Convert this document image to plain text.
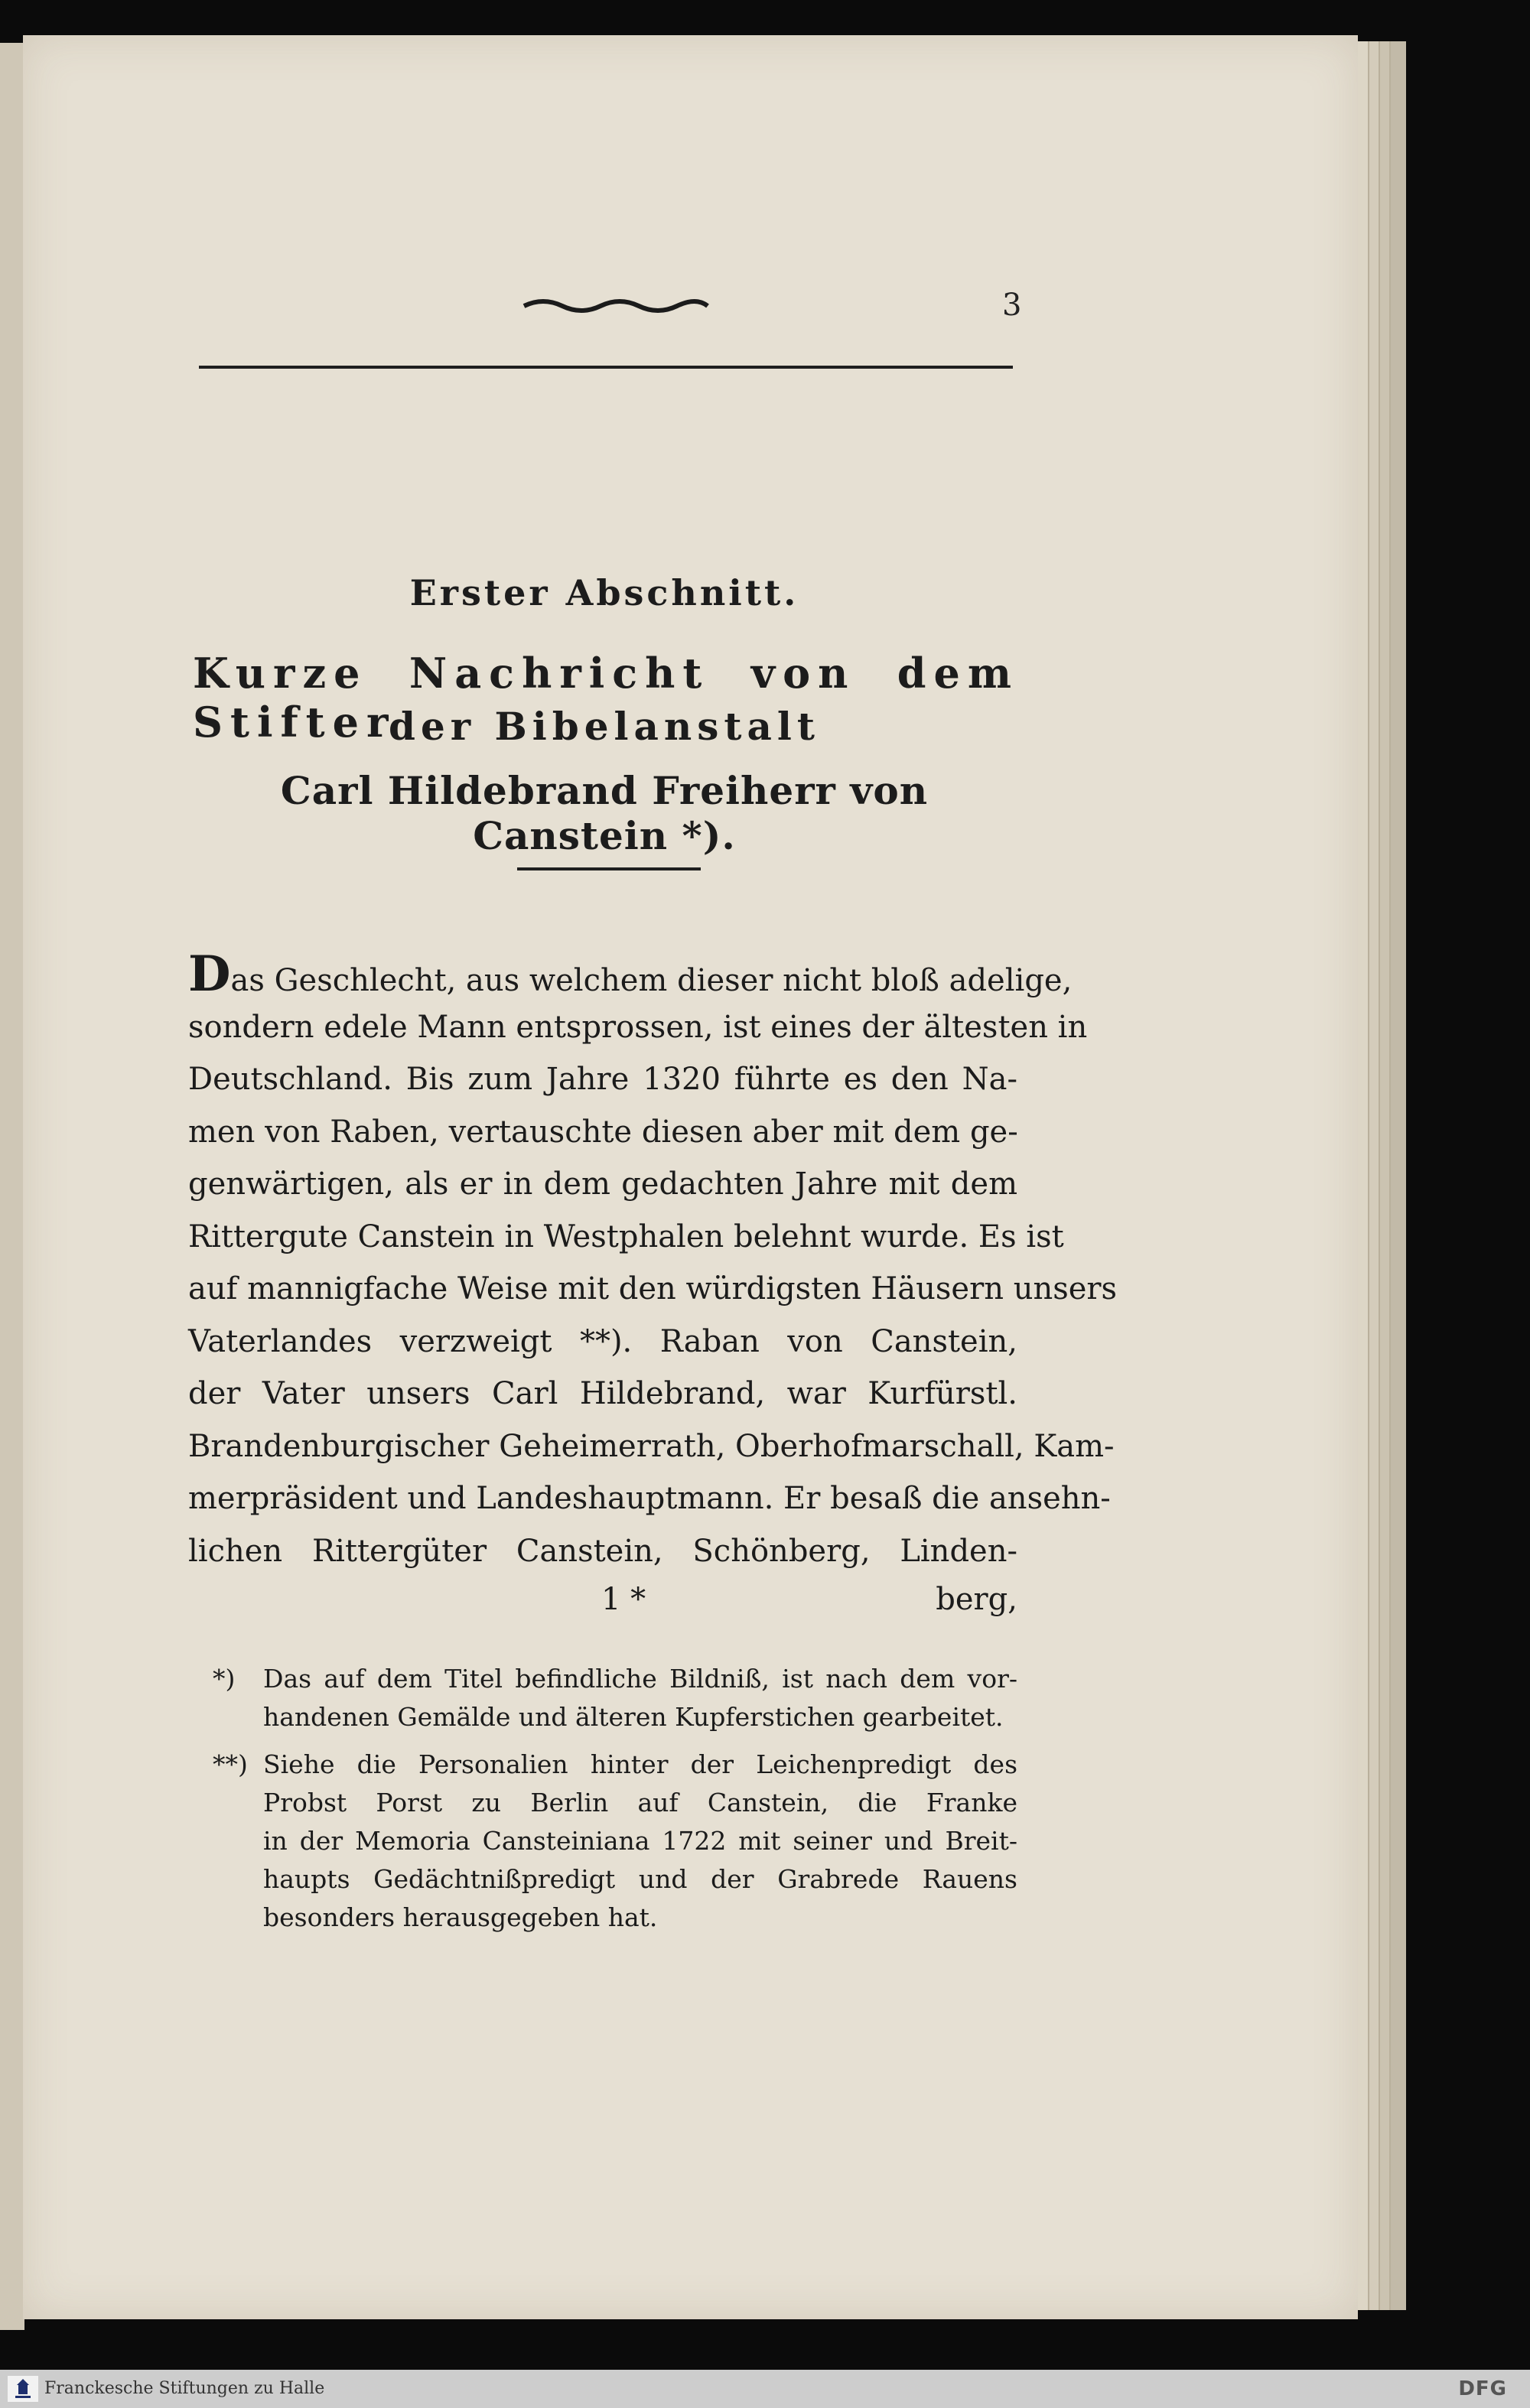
3
Erster Abschnitt.
Kurze Nachricht von dem Stifter
der Bibelanstalt
Carl Hildebrand Freiherr von Canstein *).
Das Geschlecht, aus welchem dieser nicht bloß adelige,
sondern edele Mann entsprossen, ist eines der ältesten in
Deutschland. Bis zum Jahre 1320 führte es den Na-
men von Raben, vertauschte diesen aber mit dem ge-
genwärtigen, als er in dem gedachten Jahre mit dem
Rittergute Canstein in Westphalen belehnt wurde. Es ist
auf mannigfache Weise mit den würdigsten Häusern unsers
Vaterlandes verzweigt **). Raban von Canstein,
der Vater unsers Carl Hildebrand, war Kurfürstl.
Brandenburgischer Geheimerrath, Oberhofmarschall, Kam-
merpräsident und Landeshauptmann. Er besaß die ansehn-
lichen Rittergüter Canstein, Schönberg, Linden-
1 *	berg,
*) Das auf dem Titel befindliche Bildniß, ist nach dem vor-
handenen Gemälde und älteren Kupferstichen gearbeitet.
**) Siehe die Personalien hinter der Leichenpredigt des
Probst Porst zu Berlin auf Canstein, die Franke
in der Memoria Cansteiniana 1722 mit seiner und Breit-
haupts Gedächtnißpredigt und der Grabrede Rauens
besonders herausgegeben hat.
Franckesche Stiftungen zu Halle	DFG
